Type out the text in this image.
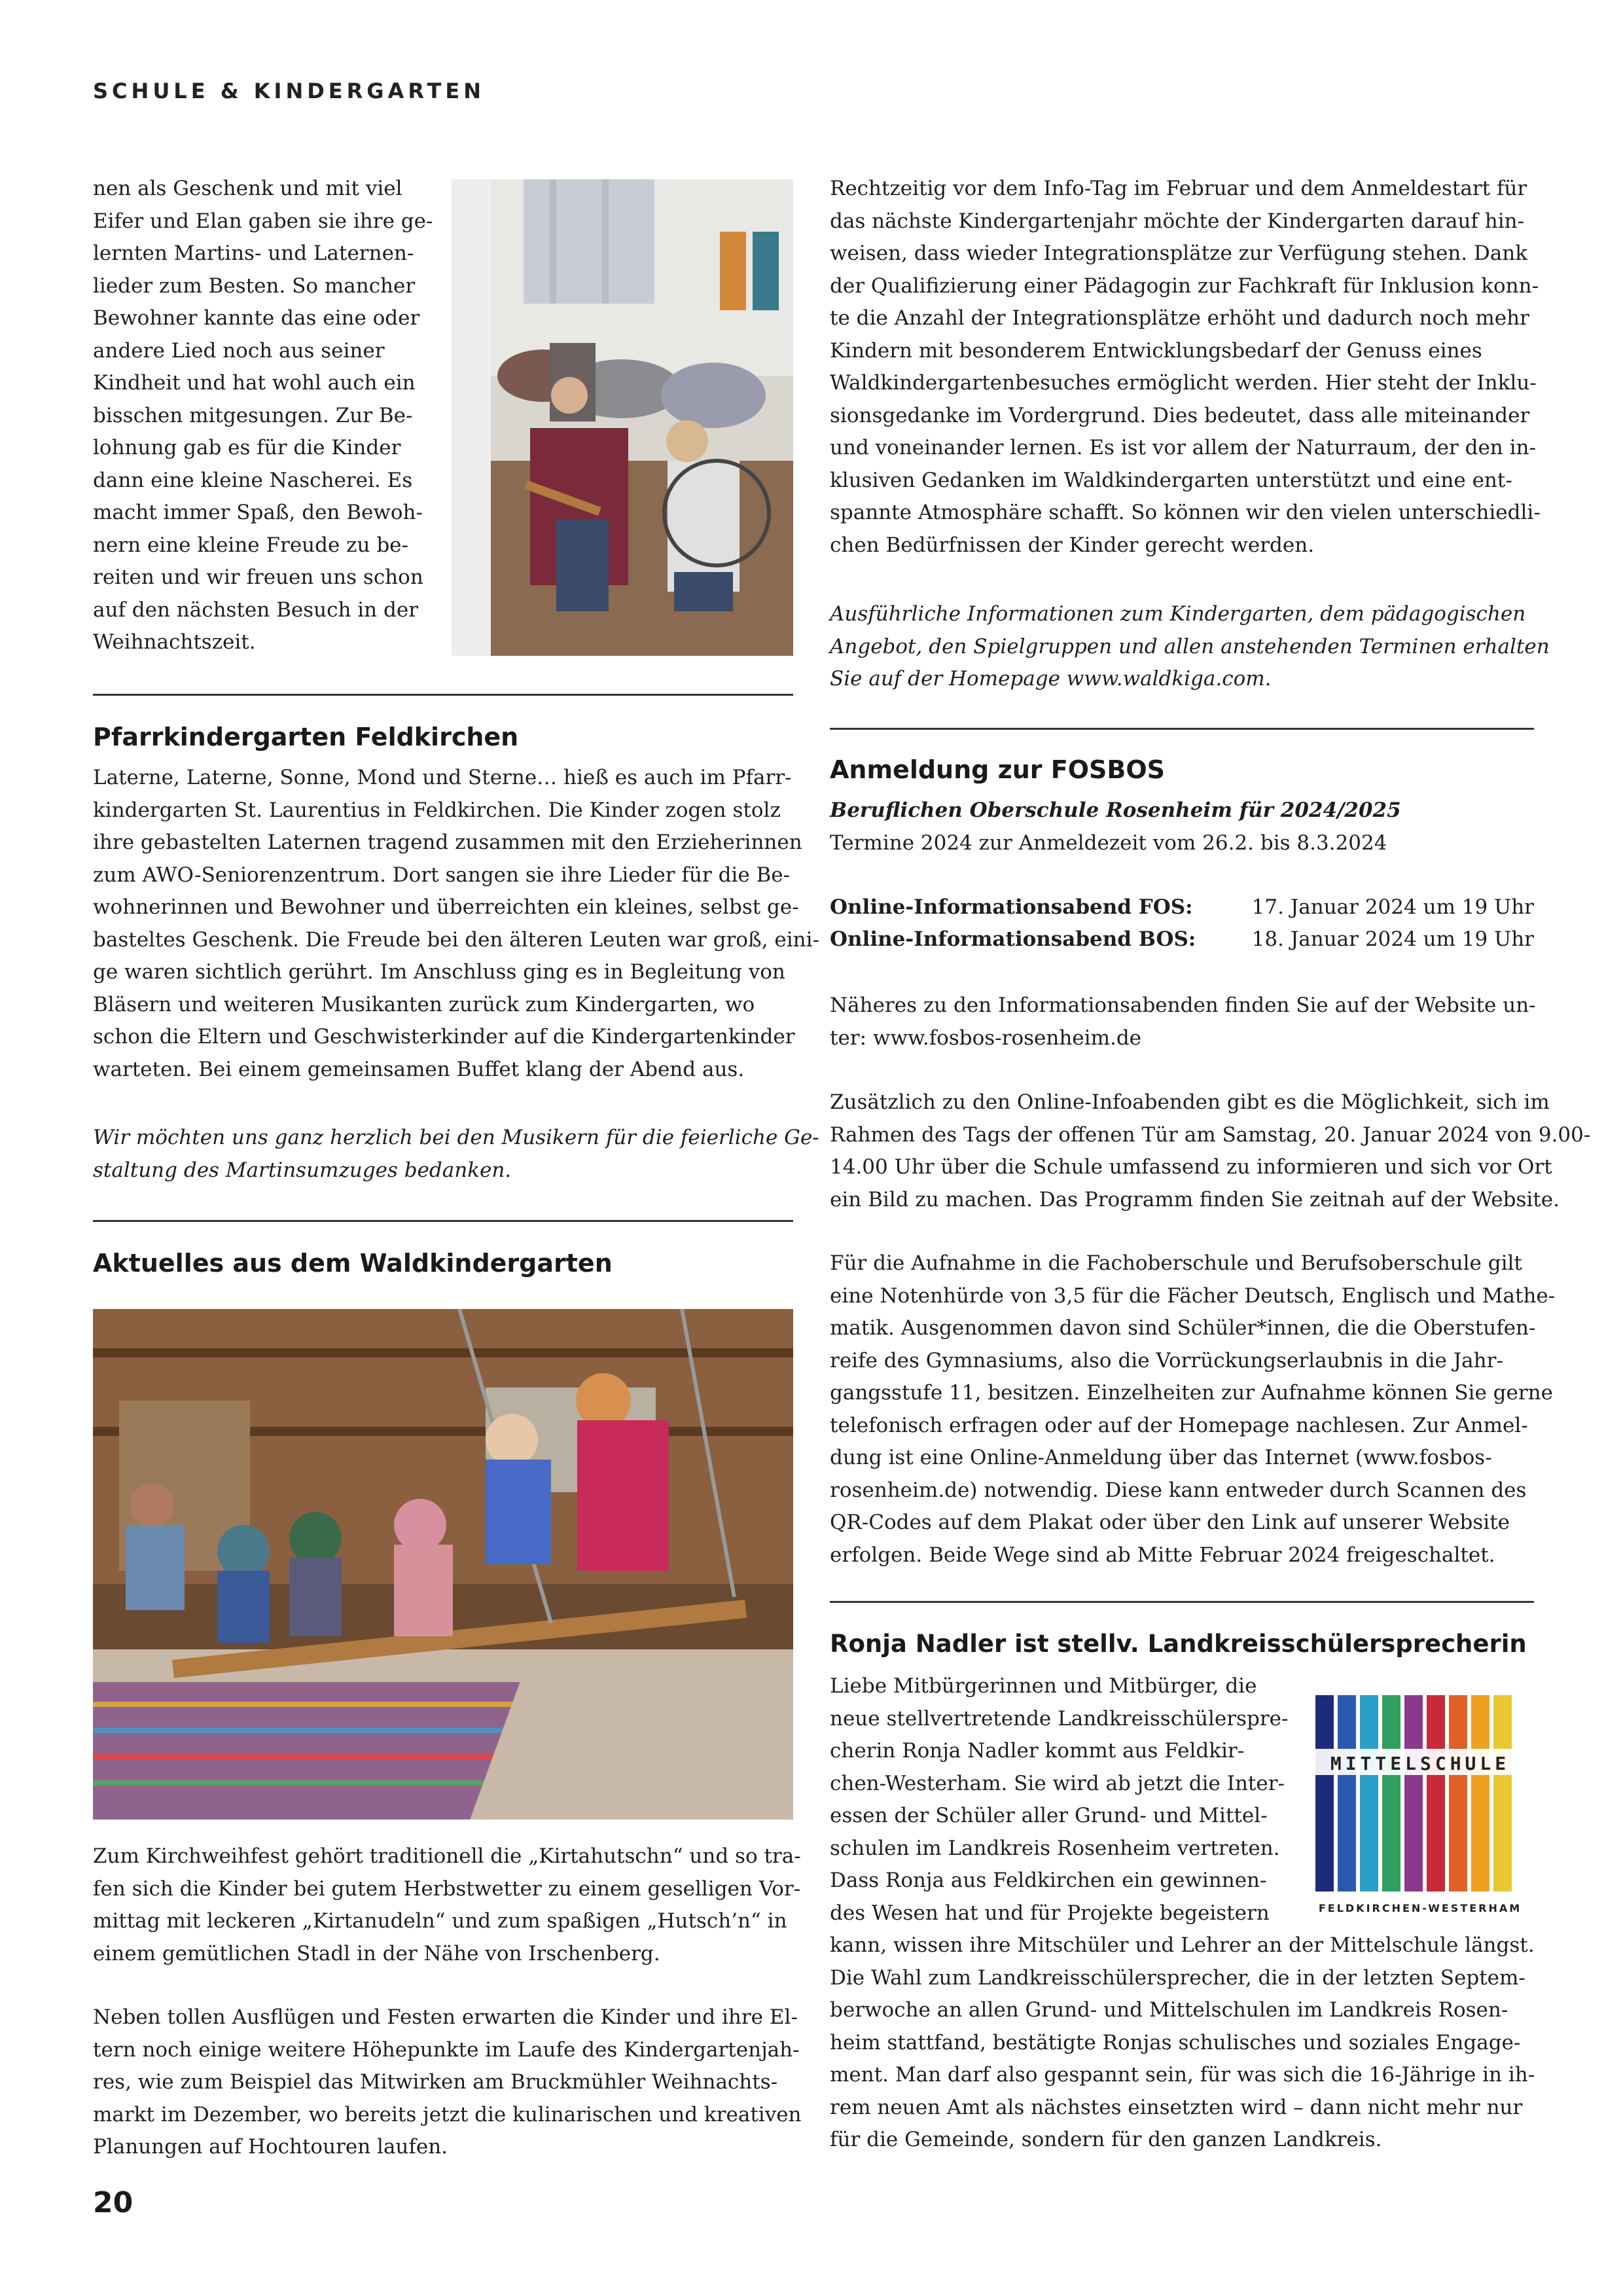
SCHULE & KINDERGARTEN
nen als Geschenk und mit viel
Eifer und Elan gaben sie ihre ge-
lernten Martins- und Laternen-
lieder zum Besten. So mancher
Bewohner kannte das eine oder
andere Lied noch aus seiner
Kindheit und hat wohl auch ein
bisschen mitgesungen. Zur Be-
lohnung gab es für die Kinder
dann eine kleine Nascherei. Es
macht immer Spaß, den Bewoh-
nern eine kleine Freude zu be-
reiten und wir freuen uns schon
auf den nächsten Besuch in der
Weihnachtszeit.
Pfarrkindergarten Feldkirchen
Laterne, Laterne, Sonne, Mond und Sterne… hieß es auch im Pfarr-
kindergarten St. Laurentius in Feldkirchen. Die Kinder zogen stolz
ihre gebastelten Laternen tragend zusammen mit den Erzieherinnen
zum AWO-Seniorenzentrum. Dort sangen sie ihre Lieder für die Be-
wohnerinnen und Bewohner und überreichten ein kleines, selbst ge-
basteltes Geschenk. Die Freude bei den älteren Leuten war groß, eini-
ge waren sichtlich gerührt. Im Anschluss ging es in Begleitung von
Bläsern und weiteren Musikanten zurück zum Kindergarten, wo
schon die Eltern und Geschwisterkinder auf die Kindergartenkinder
warteten. Bei einem gemeinsamen Buffet klang der Abend aus.
Wir möchten uns ganz herzlich bei den Musikern für die feierliche Ge-
staltung des Martinsumzuges bedanken.
Aktuelles aus dem Waldkindergarten
Zum Kirchweihfest gehört traditionell die „Kirtahutschn“ und so tra-
fen sich die Kinder bei gutem Herbstwetter zu einem geselligen Vor-
mittag mit leckeren „Kirtanudeln“ und zum spaßigen „Hutsch’n“ in
einem gemütlichen Stadl in der Nähe von Irschenberg.
Neben tollen Ausflügen und Festen erwarten die Kinder und ihre El-
tern noch einige weitere Höhepunkte im Laufe des Kindergartenjah-
res, wie zum Beispiel das Mitwirken am Bruckmühler Weihnachts-
markt im Dezember, wo bereits jetzt die kulinarischen und kreativen
Planungen auf Hochtouren laufen.
Rechtzeitig vor dem Info-Tag im Februar und dem Anmeldestart für
das nächste Kindergartenjahr möchte der Kindergarten darauf hin-
weisen, dass wieder Integrationsplätze zur Verfügung stehen. Dank
der Qualifizierung einer Pädagogin zur Fachkraft für Inklusion konn-
te die Anzahl der Integrationsplätze erhöht und dadurch noch mehr
Kindern mit besonderem Entwicklungsbedarf der Genuss eines
Waldkindergartenbesuches ermöglicht werden. Hier steht der Inklu-
sionsgedanke im Vordergrund. Dies bedeutet, dass alle miteinander
und voneinander lernen. Es ist vor allem der Naturraum, der den in-
klusiven Gedanken im Waldkindergarten unterstützt und eine ent-
spannte Atmosphäre schafft. So können wir den vielen unterschiedli-
chen Bedürfnissen der Kinder gerecht werden.
Ausführliche Informationen zum Kindergarten, dem pädagogischen
Angebot, den Spielgruppen und allen anstehenden Terminen erhalten
Sie auf der Homepage www.waldkiga.com.
Anmeldung zur FOSBOS
Beruflichen Oberschule Rosenheim für 2024/2025
Termine 2024 zur Anmeldezeit vom 26.2. bis 8.3.2024
Online-Informationsabend FOS:	17. Januar 2024 um 19 Uhr
Online-Informationsabend BOS:	18. Januar 2024 um 19 Uhr
Näheres zu den Informationsabenden finden Sie auf der Website un-
ter: www.fosbos-rosenheim.de
Zusätzlich zu den Online-Infoabenden gibt es die Möglichkeit, sich im
Rahmen des Tags der offenen Tür am Samstag, 20. Januar 2024 von 9.00-
14.00 Uhr über die Schule umfassend zu informieren und sich vor Ort
ein Bild zu machen. Das Programm finden Sie zeitnah auf der Website.
Für die Aufnahme in die Fachoberschule und Berufsoberschule gilt
eine Notenhürde von 3,5 für die Fächer Deutsch, Englisch und Mathe-
matik. Ausgenommen davon sind Schüler*innen, die die Oberstufen-
reife des Gymnasiums, also die Vorrückungserlaubnis in die Jahr-
gangsstufe 11, besitzen. Einzelheiten zur Aufnahme können Sie gerne
telefonisch erfragen oder auf der Homepage nachlesen. Zur Anmel-
dung ist eine Online-Anmeldung über das Internet (www.fosbos-
rosenheim.de) notwendig. Diese kann entweder durch Scannen des
QR-Codes auf dem Plakat oder über den Link auf unserer Website
erfolgen. Beide Wege sind ab Mitte Februar 2024 freigeschaltet.
Ronja Nadler ist stellv. Landkreisschülersprecherin
Liebe Mitbürgerinnen und Mitbürger, die
neue stellvertretende Landkreisschülerspre-
cherin Ronja Nadler kommt aus Feldkir-
chen-Westerham. Sie wird ab jetzt die Inter-
essen der Schüler aller Grund- und Mittel-
schulen im Landkreis Rosenheim vertreten.
Dass Ronja aus Feldkirchen ein gewinnen-
des Wesen hat und für Projekte begeistern
MITTELSCHULE
FELDKIRCHEN-WESTERHAM
kann, wissen ihre Mitschüler und Lehrer an der Mittelschule längst.
Die Wahl zum Landkreisschülersprecher, die in der letzten Septem-
berwoche an allen Grund- und Mittelschulen im Landkreis Rosen-
heim stattfand, bestätigte Ronjas schulisches und soziales Engage-
ment. Man darf also gespannt sein, für was sich die 16-Jährige in ih-
rem neuen Amt als nächstes einsetzten wird – dann nicht mehr nur
für die Gemeinde, sondern für den ganzen Landkreis.
20
